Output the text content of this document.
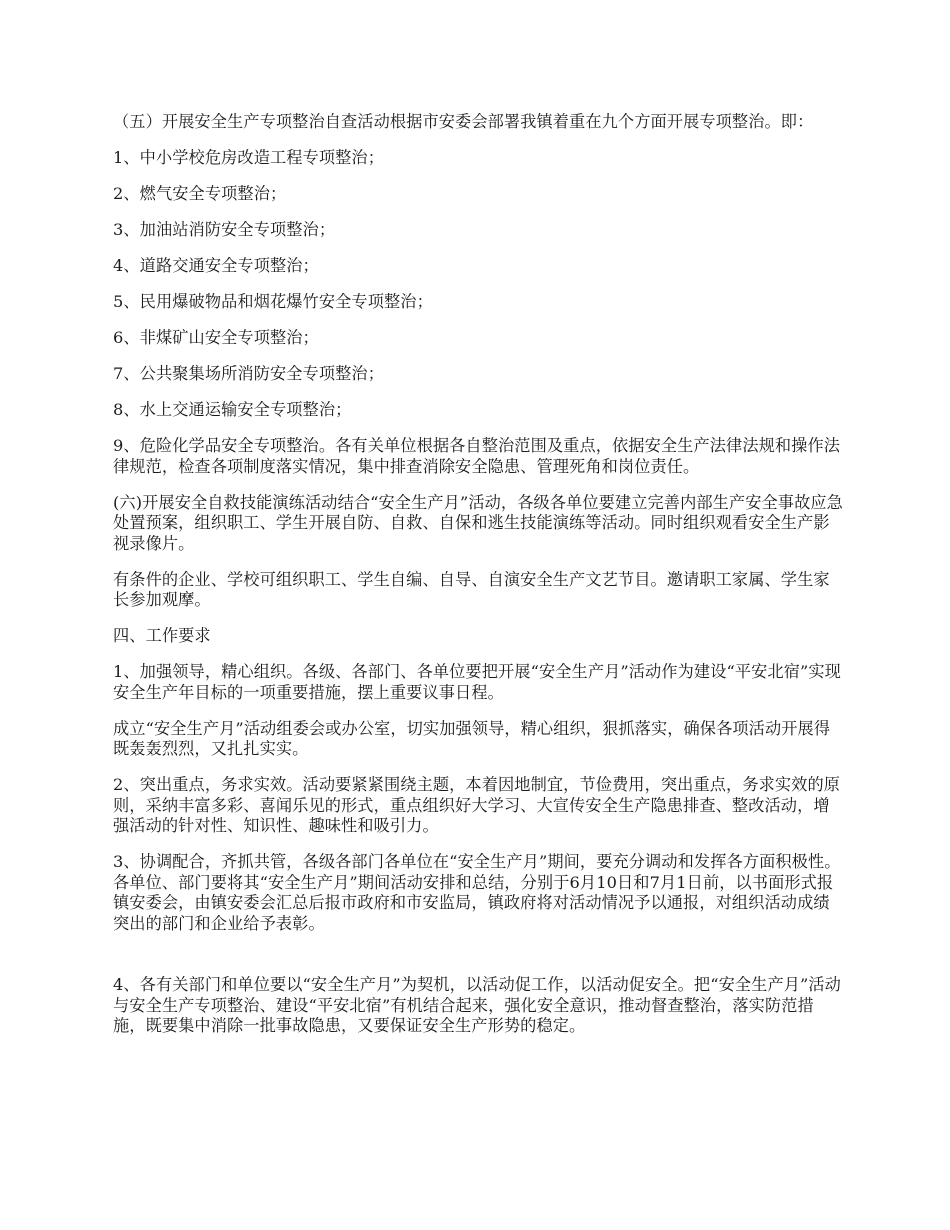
（五）开展安全生产专项整治自查活动根据市安委会部署我镇着重在九个方面开展专项整治。即：

1、中小学校危房改造工程专项整治；

2、燃气安全专项整治；

3、加油站消防安全专项整治；

4、道路交通安全专项整治；

5、民用爆破物品和烟花爆竹安全专项整治；

6、非煤矿山安全专项整治；

7、公共聚集场所消防安全专项整治；

8、水上交通运输安全专项整治；

9、危险化学品安全专项整治。各有关单位根据各自整治范围及重点，依据安全生产法律法规和操作法律规范，检查各项制度落实情况，集中排查消除安全隐患、管理死角和岗位责任。

(六)开展安全自救技能演练活动结合“安全生产月”活动，各级各单位要建立完善内部生产安全事故应急处置预案，组织职工、学生开展自防、自救、自保和逃生技能演练等活动。同时组织观看安全生产影视录像片。

有条件的企业、学校可组织职工、学生自编、自导、自演安全生产文艺节目。邀请职工家属、学生家长参加观摩。

四、工作要求

1、加强领导，精心组织。各级、各部门、各单位要把开展“安全生产月”活动作为建设“平安北宿”实现安全生产年目标的一项重要措施，摆上重要议事日程。

成立“安全生产月”活动组委会或办公室，切实加强领导，精心组织，狠抓落实，确保各项活动开展得既轰轰烈烈，又扎扎实实。

2、突出重点，务求实效。活动要紧紧围绕主题，本着因地制宜，节俭费用，突出重点，务求实效的原则，采纳丰富多彩、喜闻乐见的形式，重点组织好大学习、大宣传安全生产隐患排查、整改活动，增强活动的针对性、知识性、趣味性和吸引力。

3、协调配合，齐抓共管，各级各部门各单位在“安全生产月”期间，要充分调动和发挥各方面积极性。各单位、部门要将其“安全生产月”期间活动安排和总结，分别于6月10日和7月1日前，以书面形式报镇安委会，由镇安委会汇总后报市政府和市安监局，镇政府将对活动情况予以通报，对组织活动成绩突出的部门和企业给予表彰。

4、各有关部门和单位要以“安全生产月”为契机，以活动促工作，以活动促安全。把“安全生产月”活动与安全生产专项整治、建设“平安北宿”有机结合起来，强化安全意识，推动督查整治，落实防范措施，既要集中消除一批事故隐患，又要保证安全生产形势的稳定。
